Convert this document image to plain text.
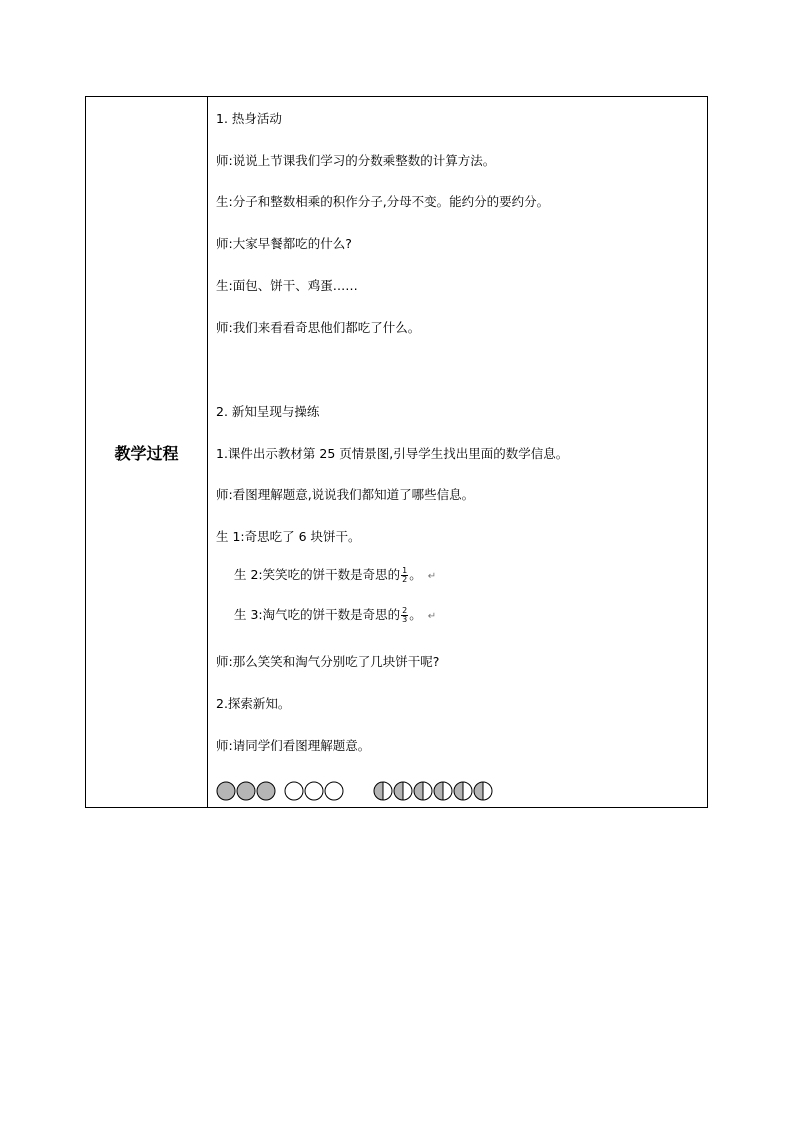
教学过程
1. 热身活动
师:说说上节课我们学习的分数乘整数的计算方法。
生:分子和整数相乘的积作分子,分母不变。能约分的要约分。
师:大家早餐都吃的什么?
生:面包、饼干、鸡蛋……
师:我们来看看奇思他们都吃了什么。
2. 新知呈现与操练
1.课件出示教材第 25 页情景图,引导学生找出里面的数学信息。
师:看图理解题意,说说我们都知道了哪些信息。
生 1:奇思吃了 6 块饼干。
生 2:笑笑吃的饼干数是奇思的 $\frac{1}{2}$ 。 ↵
生 3:淘气吃的饼干数是奇思的 $\frac{2}{3}$ 。 ↵
师:那么笑笑和淘气分别吃了几块饼干呢?
2.探索新知。
师:请同学们看图理解题意。
